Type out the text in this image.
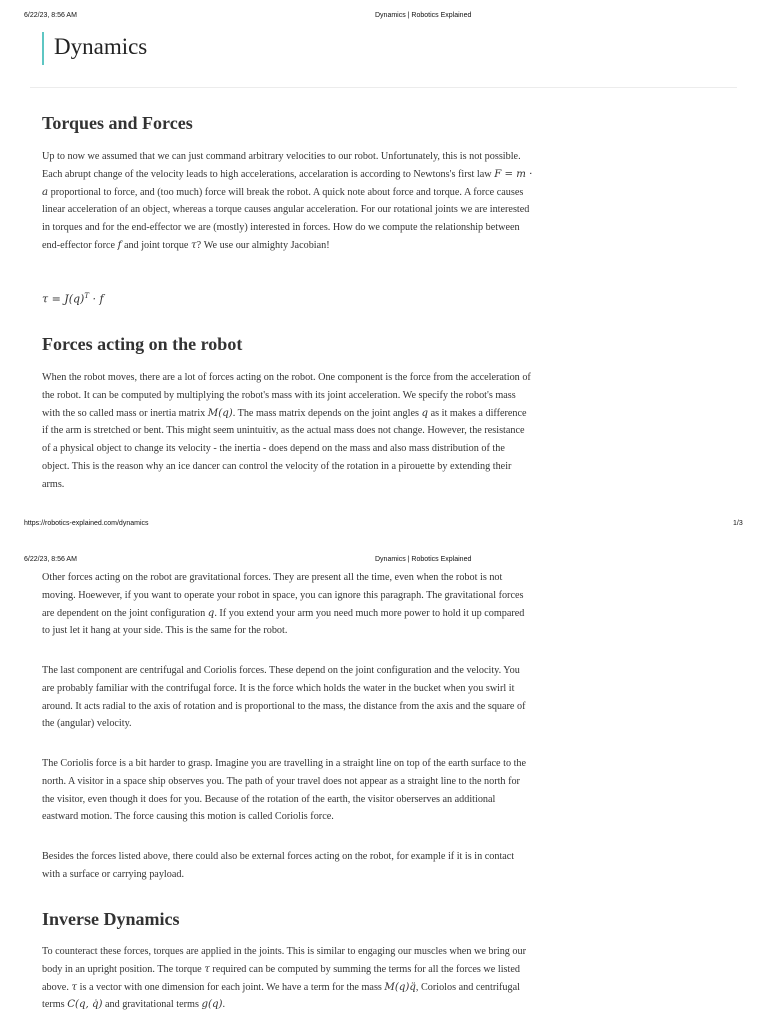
6/22/23, 8:56 AM	Dynamics | Robotics Explained
Dynamics
Torques and Forces

Up to now we assumed that we can just command arbitrary velocities to our robot. Unfortunately, this is not possible. Each abrupt change of the velocity leads to high accelerations, accelaration is according to Newtons's first law F = m · a proportional to force, and (too much) force will break the robot. A quick note about force and torque. A force causes linear acceleration of an object, whereas a torque causes angular acceleration. For our rotational joints we are interested in torques and for the end-effector we are (mostly) interested in forces. How do we compute the relationship between end-effector force f and joint torque τ? We use our almighty Jacobian!

$\tau = J(q)^T \cdot f$
Forces acting on the robot

When the robot moves, there are a lot of forces acting on the robot. One component is the force from the acceleration of the robot. It can be computed by multiplying the robot's mass with its joint acceleration. We specify the robot's mass with the so called mass or inertia matrix M(q). The mass matrix depends on the joint angles q as it makes a difference if the arm is stretched or bent. This might seem unintuitiv, as the actual mass does not change. However, the resistance of a physical object to change its velocity - the inertia - does depend on the mass and also mass distribution of the object. This is the reason why an ice dancer can control the velocity of the rotation in a pirouette by extending their arms.

https://robotics-explained.com/dynamics	1/3
6/22/23, 8:56 AM	Dynamics | Robotics Explained

Other forces acting on the robot are gravitational forces. They are present all the time, even when the robot is not moving. Hoewever, if you want to operate your robot in space, you can ignore this paragraph. The gravitational forces are dependent on the joint configuration q. If you extend your arm you need much more power to hold it up compared to just let it hang at your side. This is the same for the robot.

The last component are centrifugal and Coriolis forces. These depend on the joint configuration and the velocity. You are probably familiar with the contrifugal force. It is the force which holds the water in the bucket when you swirl it around. It acts radial to the axis of rotation and is proportional to the mass, the distance from the axis and the square of the (angular) velocity.

The Coriolis force is a bit harder to grasp. Imagine you are travelling in a straight line on top of the earth surface to the north. A visitor in a space ship observes you. The path of your travel does not appear as a straight line to the north for the visitor, even though it does for you. Because of the rotation of the earth, the visitor oberserves an additional eastward motion. The force causing this motion is called Coriolis force.

Besides the forces listed above, there could also be external forces acting on the robot, for example if it is in contact with a surface or carrying payload.

Inverse Dynamics

To counteract these forces, torques are applied in the joints. This is similar to engaging our muscles when we bring our body in an upright position. The torque τ required can be computed by summing the terms for all the forces we listed above. τ is a vector with one dimension for each joint. We have a term for the mass M(q)q̈, Coriolos and centrifugal terms C(q, q̇) and gravitational terms g(q).
